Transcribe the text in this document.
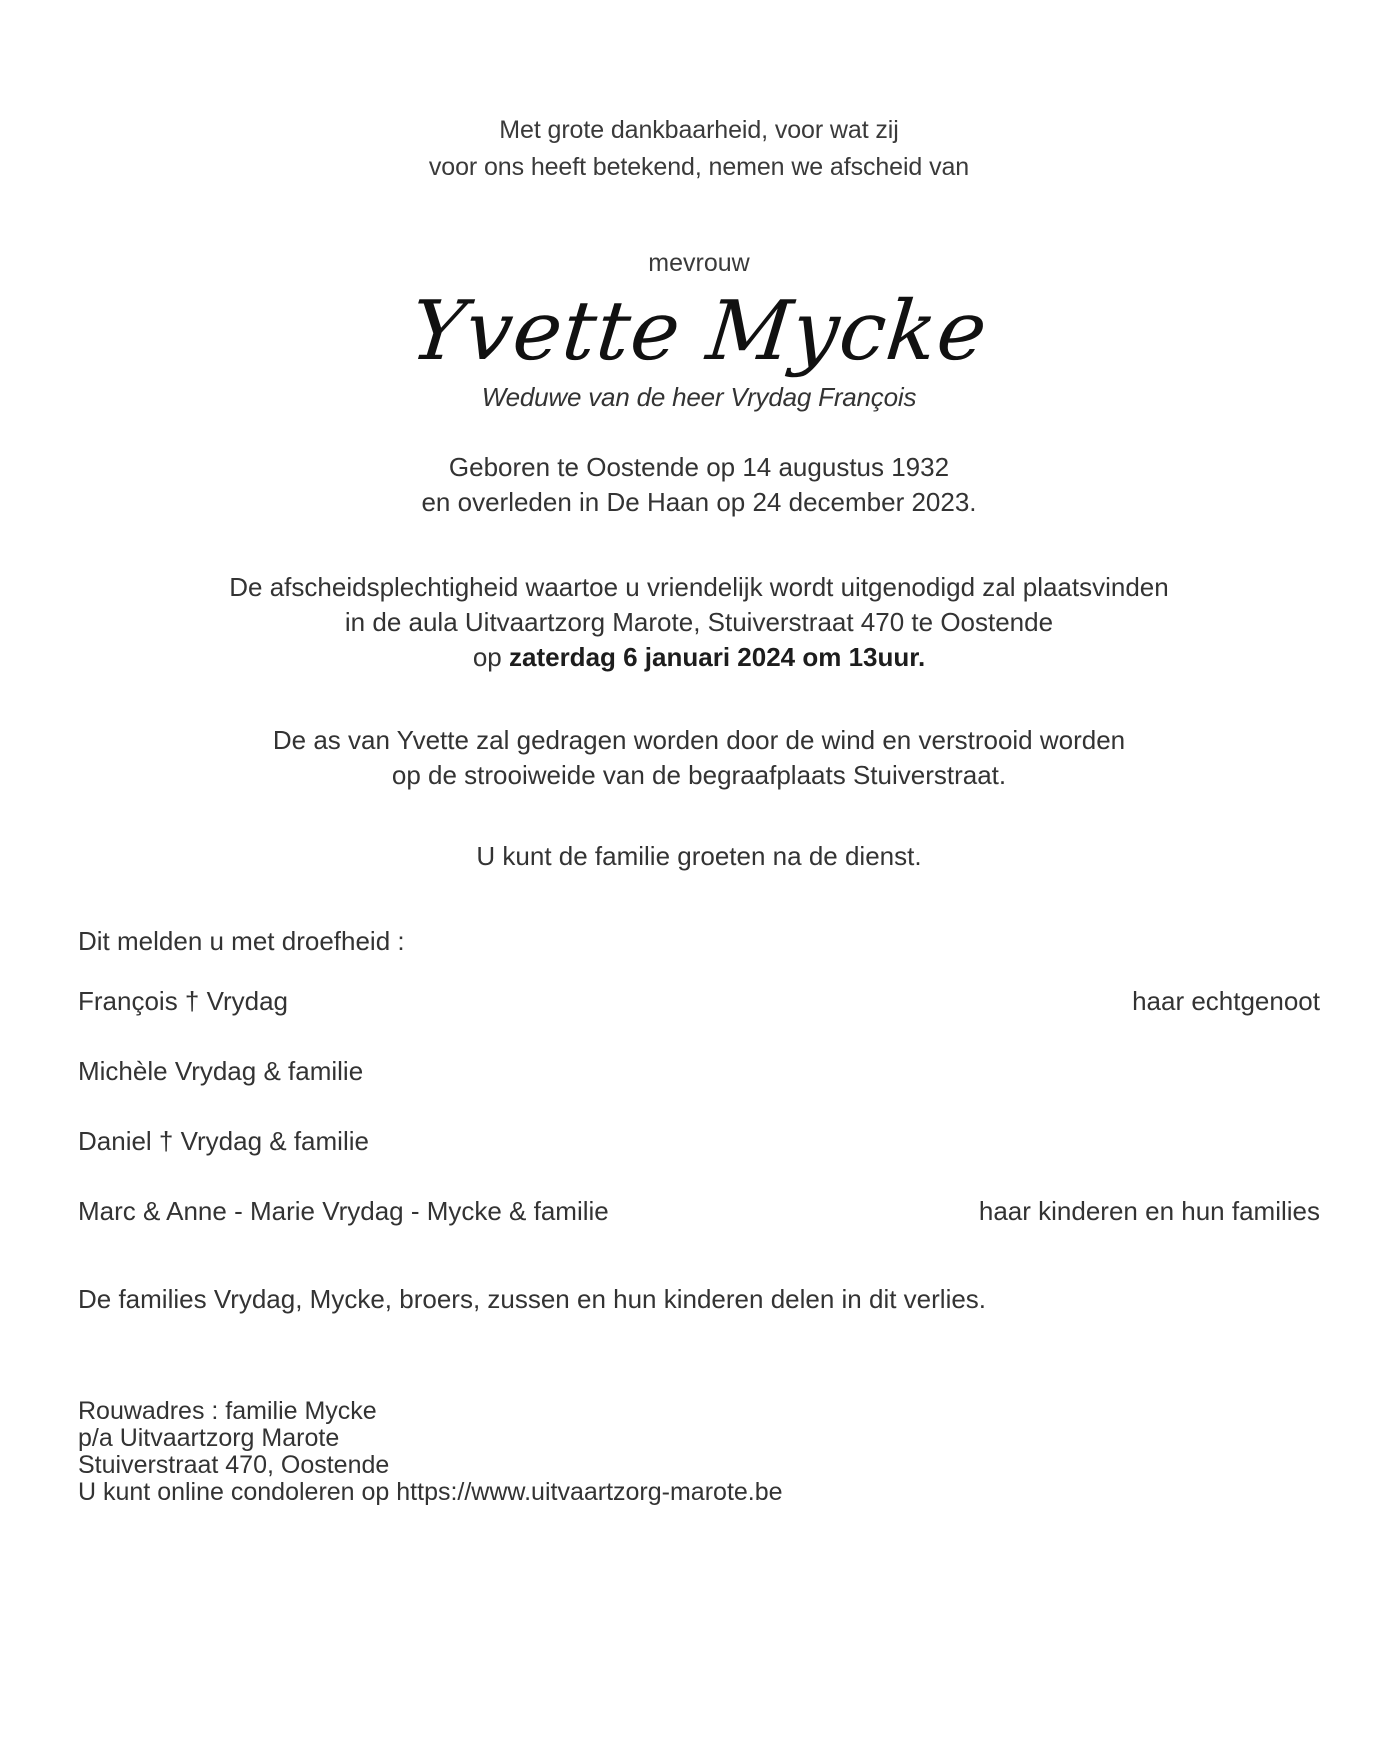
Met grote dankbaarheid, voor wat zij
voor ons heeft betekend, nemen we afscheid van
mevrouw
Yvette Mycke
Weduwe van de heer Vrydag François
Geboren te Oostende op 14 augustus 1932
en overleden in De Haan op 24 december 2023.
De afscheidsplechtigheid waartoe u vriendelijk wordt uitgenodigd zal plaatsvinden
in de aula Uitvaartzorg Marote, Stuiverstraat 470 te Oostende
op zaterdag 6 januari 2024 om 13uur.
De as van Yvette zal gedragen worden door de wind en verstrooid worden
op de strooiweide van de begraafplaats Stuiverstraat.
U kunt de familie groeten na de dienst.
Dit melden u met droefheid :
François † Vrydag	haar echtgenoot
Michèle Vrydag & familie
Daniel † Vrydag & familie
Marc & Anne - Marie Vrydag - Mycke & familie	haar kinderen en hun families
De families Vrydag, Mycke, broers, zussen en hun kinderen delen in dit verlies.
Rouwadres : familie Mycke
p/a Uitvaartzorg Marote
Stuiverstraat 470, Oostende
U kunt online condoleren op https://www.uitvaartzorg-marote.be
